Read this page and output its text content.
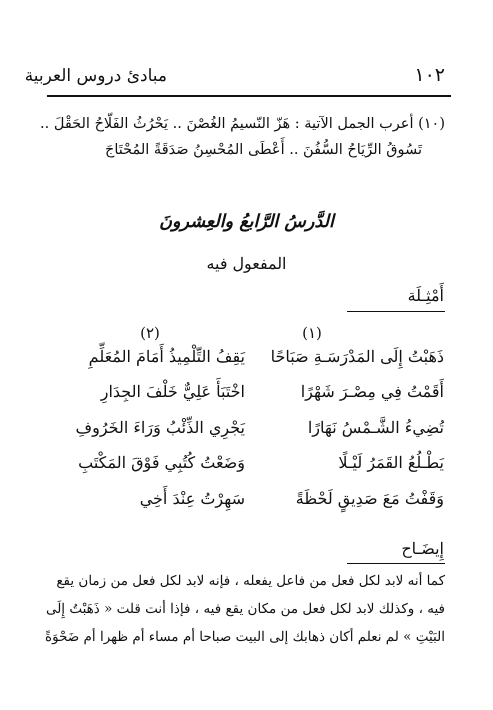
مبادئ دروس العربية	١٠٢
(١٠) أعرب الجمل الآتية : هَزّ النّسيمُ الغُصْنَ .. يَحْرُثُ الفَلّاحُ الحَقْلَ ..
تَسُوقُ الرِّيَاحُ السُّفُنَ .. أَعْطَى المُحْسِنُ صَدَقَةً المُحْتَاجَ
الدَّرسُ الرَّابعُ والعِشرونَ
المفعول فيه
أَمْثِـلَة
(١)
(٢)
ذَهَبْتُ إِلَى المَدْرَسَـةِ صَبَاحًا
أَقَمْتُ فِي مِصْـرَ شَهْرًا
تُضِيءُ الشَّـمْسُ نَهَارًا
يَطْـلُعُ القَمَرُ لَيْـلًا
وَقَفْتُ مَعَ صَدِيقٍ لَحْظَةً
يَقِفُ التِّلْمِيذُ أَمَامَ المُعَلِّمِ
اخْتَبَأَ عَلِيٌّ خَلْفَ الجِدَارِ
يَجْرِي الذِّئْبُ وَرَاءَ الخَرُوفِ
وَضَعْتُ كُتُبِي فَوْقَ المَكْتَبِ
سَهِرْتُ عِنْدَ أَخِي
إِيضَـاح
كما أنه لابد لكل فعل من فاعل يفعله ، فإنه لابد لكل فعل من زمان يقع
فيه ، وكذلك لابد لكل فعل من مكان يقع فيه ، فإذا أنت قلت « ذَهَبْتُ إِلَى
البَيْتِ » لم نعلم أكان ذهابك إلى البيت صباحا أم مساء أم ظهرا أم ضَحْوَةً
